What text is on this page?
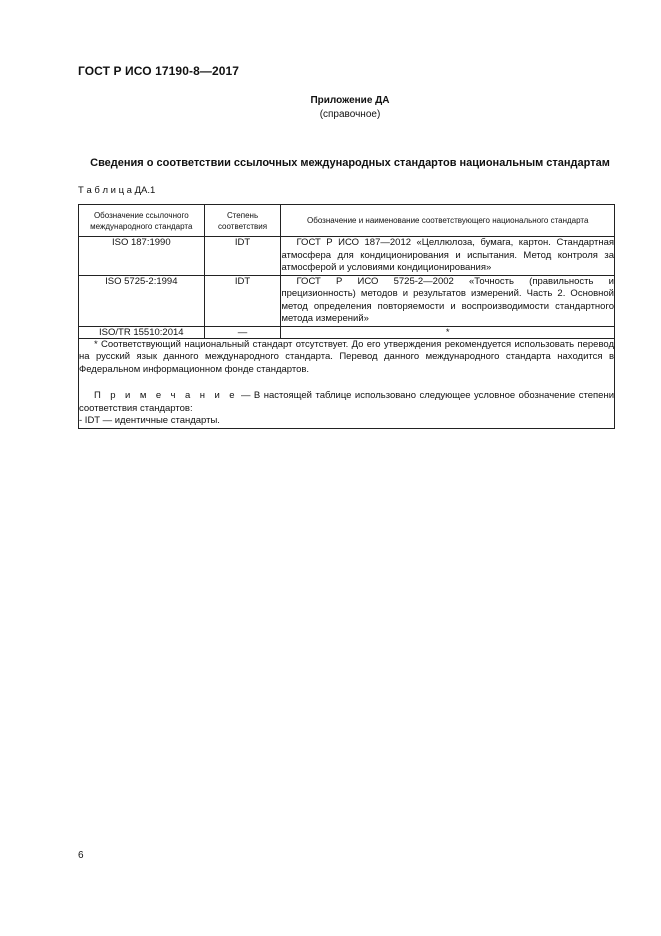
ГОСТ Р ИСО 17190-8—2017
Приложение ДА
(справочное)
Сведения о соответствии ссылочных международных стандартов национальным стандартам
Т а б л и ц а ДА.1
Обозначение ссылочного международного стандарта	Степень соответствия	Обозначение и наименование соответствующего национального стандарта
ISO 187:1990	IDT	ГОСТ Р ИСО 187—2012 «Целлюлоза, бумага, картон. Стандартная атмосфера для кондиционирования и испытания. Метод контроля за атмосферой и условиями кондиционирования»
ISO 5725-2:1994	IDT	ГОСТ Р ИСО 5725-2—2002 «Точность (правильность и прецизионность) методов и результатов измерений. Часть 2. Основной метод определения повторяемости и воспроизводимости стандартного метода измерений»
ISO/TR 15510:2014	—	*

* Соответствующий национальный стандарт отсутствует. До его утверждения рекомендуется использовать перевод на русский язык данного международного стандарта. Перевод данного международного стандарта находится в Федеральном информационном фонде стандартов.

П р и м е ч а н и е — В настоящей таблице использовано следующее условное обозначение степени соответствия стандартов:

- IDT — идентичные стандарты.		

6
